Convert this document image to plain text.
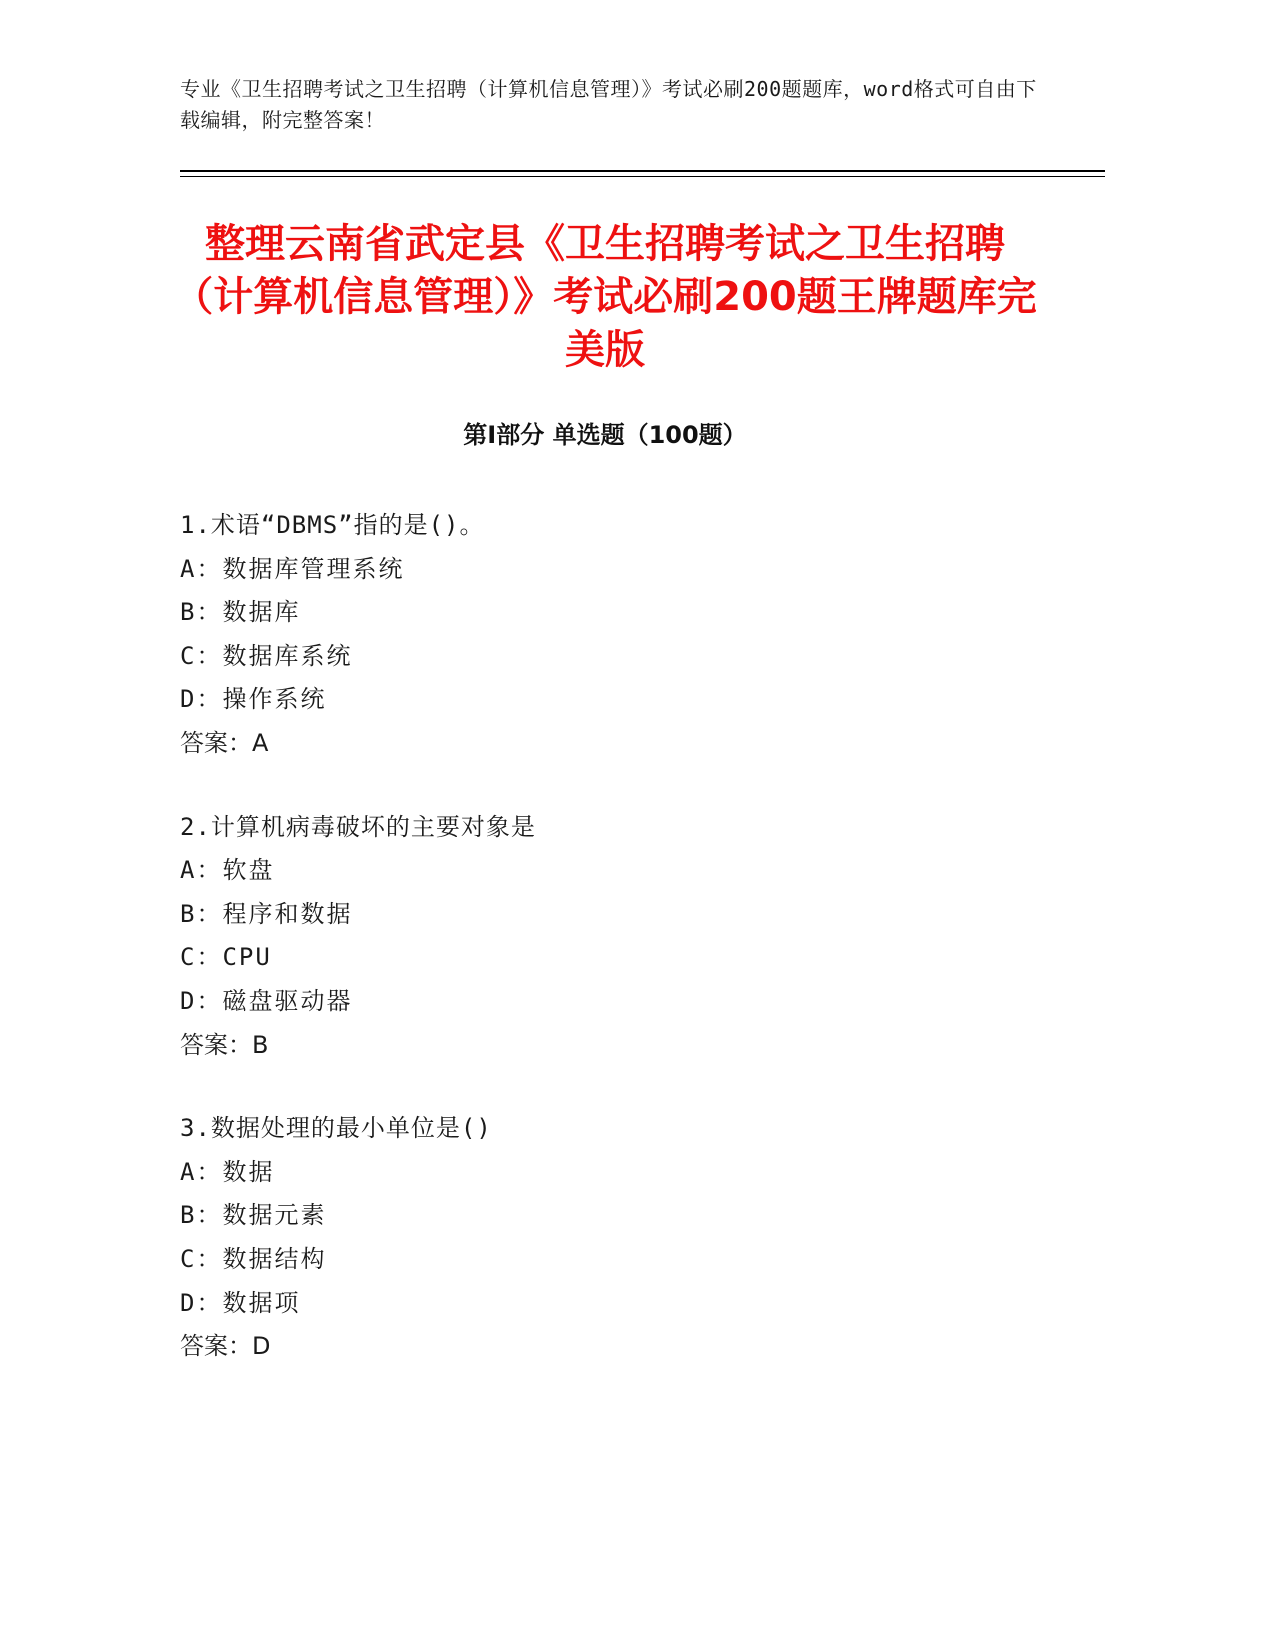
专业《卫生招聘考试之卫生招聘（计算机信息管理）》考试必刷200题题库，word格式可自由下载编辑，附完整答案！
整理云南省武定县《卫生招聘考试之卫生招聘（计算机信息管理）》考试必刷200题王牌题库完美版
第Ⅰ部分 单选题（100题）
1.术语“DBMS”指的是()。
A：数据库管理系统
B：数据库
C：数据库系统
D：操作系统
答案：A
2.计算机病毒破坏的主要对象是
A：软盘
B：程序和数据
C：CPU
D：磁盘驱动器
答案：B
3.数据处理的最小单位是()
A：数据
B：数据元素
C：数据结构
D：数据项
答案：D
